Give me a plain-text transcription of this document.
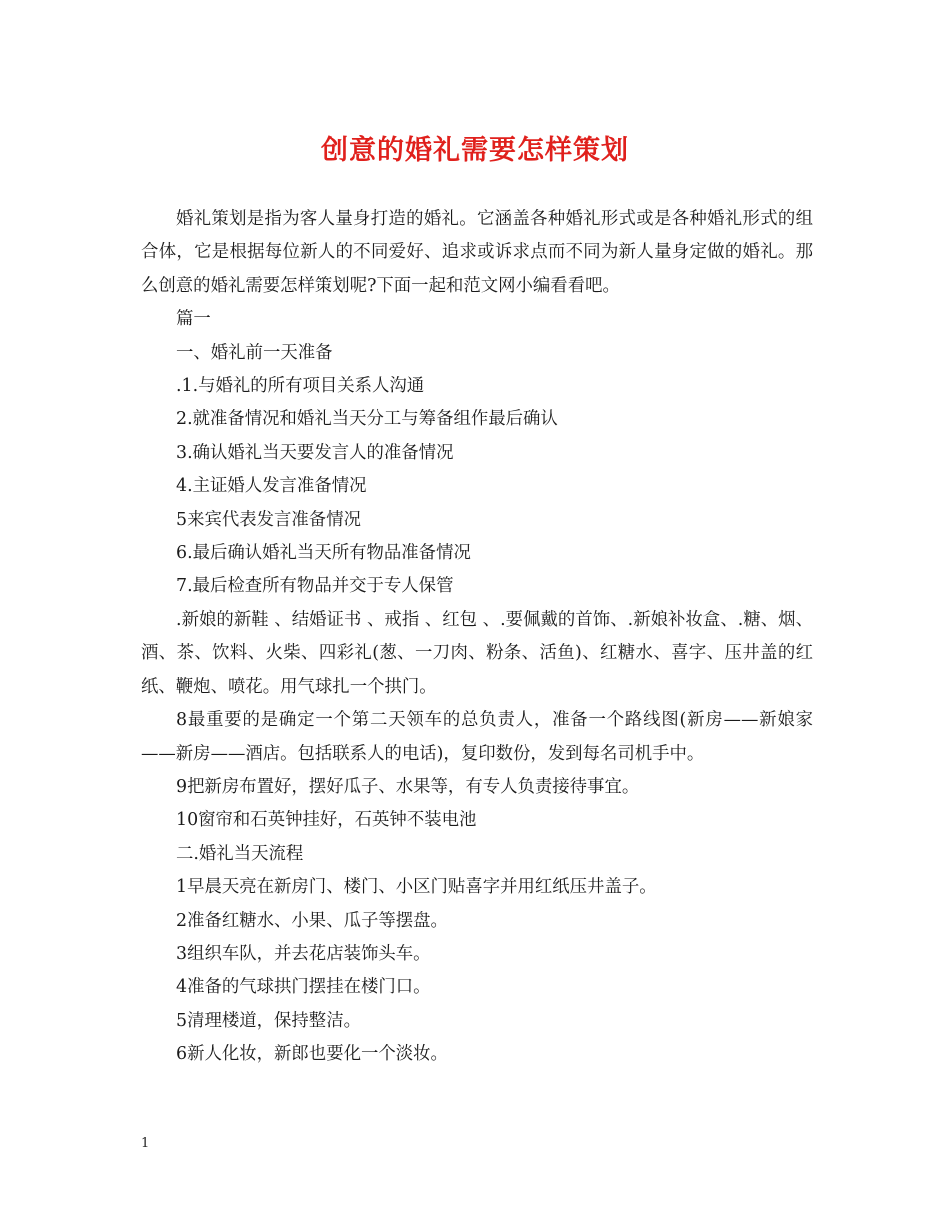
创意的婚礼需要怎样策划

婚礼策划是指为客人量身打造的婚礼。它涵盖各种婚礼形式或是各种婚礼形式的组合体，它是根据每位新人的不同爱好、追求或诉求点而不同为新人量身定做的婚礼。那么创意的婚礼需要怎样策划呢?下面一起和范文网小编看看吧。

篇一

一、婚礼前一天准备

.1.与婚礼的所有项目关系人沟通

2.就准备情况和婚礼当天分工与筹备组作最后确认

3.确认婚礼当天要发言人的准备情况

4.主证婚人发言准备情况

5来宾代表发言准备情况

6.最后确认婚礼当天所有物品准备情况

7.最后检查所有物品并交于专人保管

.新娘的新鞋 、结婚证书 、戒指 、红包 、.要佩戴的首饰、.新娘补妆盒、.糖、烟、酒、茶、饮料、火柴、四彩礼(葱、一刀肉、粉条、活鱼)、红糖水、喜字、压井盖的红纸、鞭炮、喷花。用气球扎一个拱门。

8最重要的是确定一个第二天领车的总负责人，准备一个路线图(新房——新娘家——新房——酒店。包括联系人的电话)，复印数份，发到每名司机手中。

9把新房布置好，摆好瓜子、水果等，有专人负责接待事宜。

10窗帘和石英钟挂好，石英钟不装电池

二.婚礼当天流程

1早晨天亮在新房门、楼门、小区门贴喜字并用红纸压井盖子。

2准备红糖水、小果、瓜子等摆盘。

3组织车队，并去花店装饰头车。

4准备的气球拱门摆挂在楼门口。

5清理楼道，保持整洁。

6新人化妆，新郎也要化一个淡妆。

1
